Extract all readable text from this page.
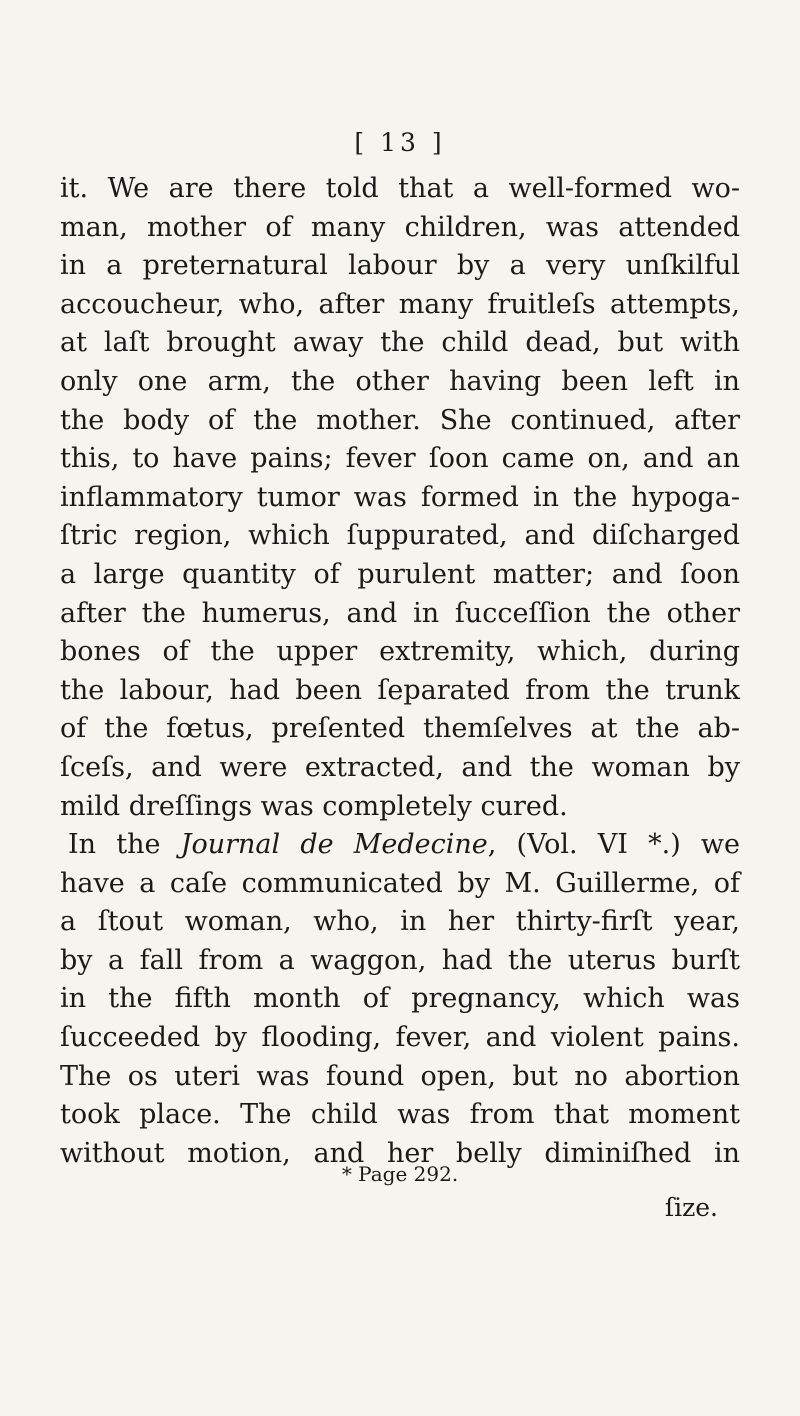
[ 13 ]
it. We are there told that a well-formed wo-
man, mother of many children, was attended
in a preternatural labour by a very unſkilful
accoucheur, who, after many fruitleſs attempts,
at laſt brought away the child dead, but with
only one arm, the other having been left in
the body of the mother. She continued, after
this, to have pains; fever ſoon came on, and an
inflammatory tumor was formed in the hypoga-
ſtric region, which ſuppurated, and diſcharged
a large quantity of purulent matter; and ſoon
after the humerus, and in ſucceſſion the other
bones of the upper extremity, which, during
the labour, had been ſeparated from the trunk
of the fœtus, preſented themſelves at the ab-
ſceſs, and were extracted, and the woman by
mild dreſſings was completely cured.
In the Journal de Medecine, (Vol. VI *.) we
have a caſe communicated by M. Guillerme, of
a ſtout woman, who, in her thirty-firſt year,
by a fall from a waggon, had the uterus burſt
in the fifth month of pregnancy, which was
ſucceeded by flooding, fever, and violent pains.
The os uteri was found open, but no abortion
took place. The child was from that moment
without motion, and her belly diminiſhed in
* Page 292.
ſize.
